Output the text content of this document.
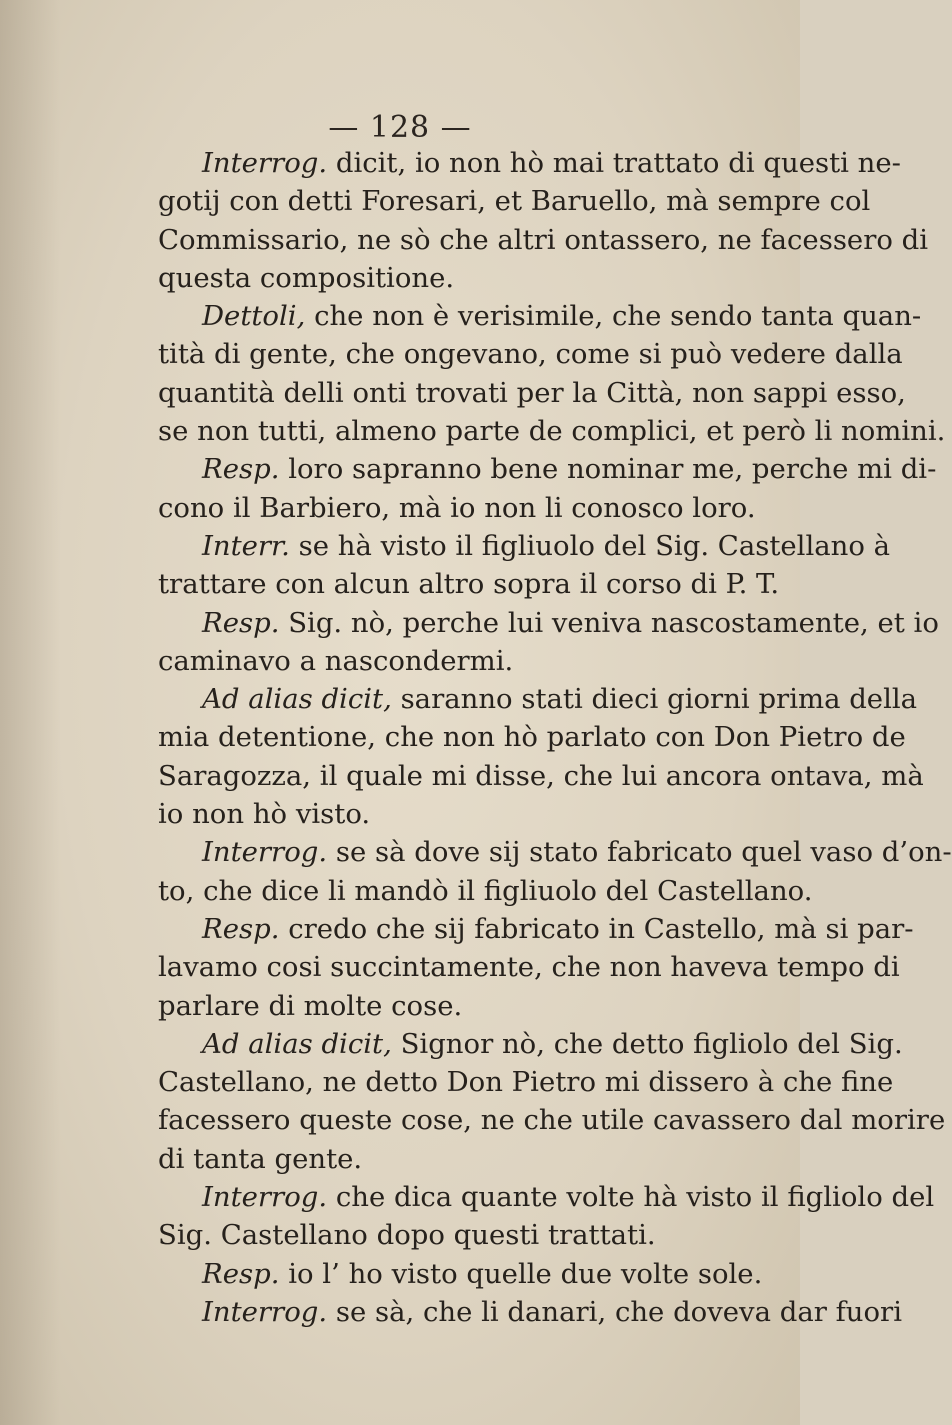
— 128 —
Interrog. dicit, io non hò mai trattato di questi ne-
gotij con detti Foresari, et Baruello, mà sempre col
Commissario, ne sò che altri ontassero, ne facessero di
questa compositione.
Dettoli, che non è verisimile, che sendo tanta quan-
tità di gente, che ongevano, come si può vedere dalla
quantità delli onti trovati per la Città, non sappi esso,
se non tutti, almeno parte de complici, et però li nomini.
Resp. loro sapranno bene nominar me, perche mi di-
cono il Barbiero, mà io non li conosco loro.
Interr. se hà visto il figliuolo del Sig. Castellano à
trattare con alcun altro sopra il corso di P. T.
Resp. Sig. nò, perche lui veniva nascostamente, et io
caminavo a nascondermi.
Ad alias dicit, saranno stati dieci giorni prima della
mia detentione, che non hò parlato con Don Pietro de
Saragozza, il quale mi disse, che lui ancora ontava, mà
io non hò visto.
Interrog. se sà dove sij stato fabricato quel vaso d’on-
to, che dice li mandò il figliuolo del Castellano.
Resp. credo che sij fabricato in Castello, mà si par-
lavamo cosi succintamente, che non haveva tempo di
parlare di molte cose.
Ad alias dicit, Signor nò, che detto figliolo del Sig.
Castellano, ne detto Don Pietro mi dissero à che fine
facessero queste cose, ne che utile cavassero dal morire
di tanta gente.
Interrog. che dica quante volte hà visto il figliolo del
Sig. Castellano dopo questi trattati.
Resp. io l’ ho visto quelle due volte sole.
Interrog. se sà, che li danari, che doveva dar fuori
